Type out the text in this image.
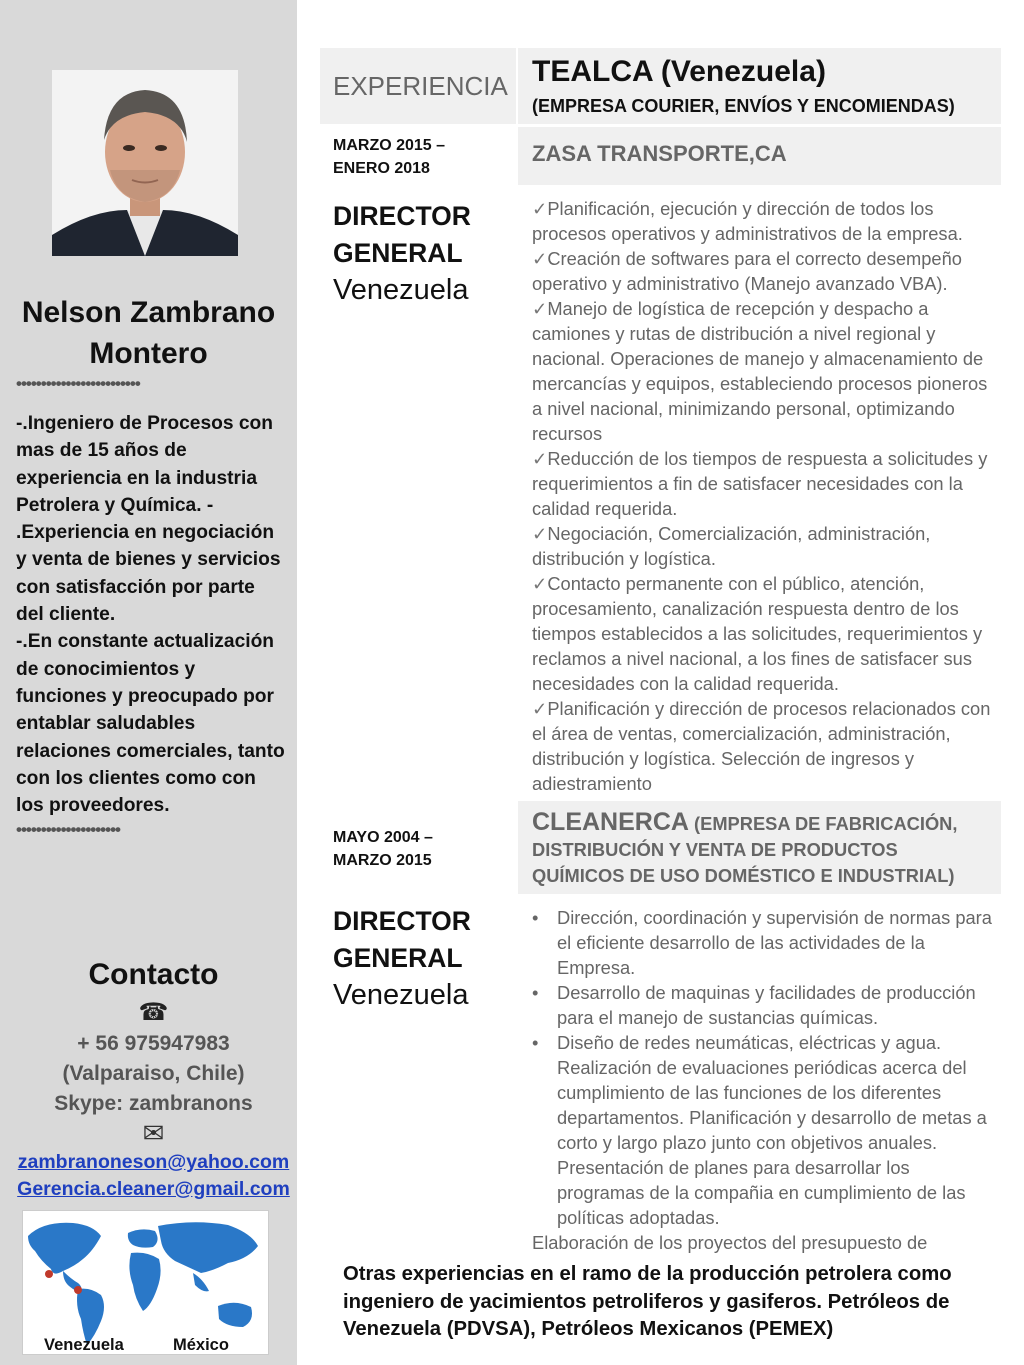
Nelson Zambrano
Montero
•••••••••••••••••••••••••

-.Ingeniero de Procesos con mas de 15 años de experiencia en la industria Petrolera y Química. - .Experiencia en negociación y venta de bienes y servicios con satisfacción por parte del cliente.

-.En constante actualización de conocimientos y funciones y preocupado por entablar saludables relaciones comerciales, tanto con los clientes como con los proveedores.

•••••••••••••••••••••
Contacto
☎
+ 56 975947983
(Valparaiso, Chile)
Skype: zambranons
✉
zambranoneson@yahoo.com
Gerencia.cleaner@gmail.com
Venezuela	México
EXPERIENCIA TEALCA (Venezuela)
(EMPRESA COURIER, ENVÍOS Y ENCOMIENDAS)
MARZO 2015 –
ENERO 2018
ZASA TRANSPORTE,CA
DIRECTOR
GENERAL
Venezuela

✓Planificación, ejecución y dirección de todos los procesos operativos y administrativos de la empresa.

✓Creación de softwares para el correcto desempeño operativo y administrativo (Manejo avanzado VBA).

✓Manejo de logística de recepción y despacho a camiones y rutas de distribución a nivel regional y nacional. Operaciones de manejo y almacenamiento de mercancías y equipos, estableciendo procesos pioneros a nivel nacional, minimizando personal, optimizando recursos

✓Reducción de los tiempos de respuesta a solicitudes y requerimientos a fin de satisfacer necesidades con la calidad requerida.

✓Negociación, Comercialización, administración, distribución y logística.

✓Contacto permanente con el público, atención, procesamiento, canalización respuesta dentro de los tiempos establecidos a las solicitudes, requerimientos y reclamos a nivel nacional, a los fines de satisfacer sus necesidades con la calidad requerida.

✓Planificación y dirección de procesos relacionados con el área de ventas, comercialización, administración, distribución y logística. Selección de ingresos y adiestramiento

MAYO 2004 –
MARZO 2015
CLEANERCA (EMPRESA DE FABRICACIÓN, DISTRIBUCIÓN Y VENTA DE PRODUCTOS QUÍMICOS DE USO DOMÉSTICO E INDUSTRIAL)
DIRECTOR
GENERAL
Venezuela
• Dirección, coordinación y supervisión de normas para el eficiente desarrollo de las actividades de la Empresa.
• Desarrollo de maquinas y facilidades de producción para el manejo de sustancias químicas.
• Diseño de redes neumáticas, eléctricas y agua. Realización de evaluaciones periódicas acerca del cumplimiento de las funciones de los diferentes departamentos. Planificación y desarrollo de metas a corto y largo plazo junto con objetivos anuales. Presentación de planes para desarrollar los programas de la compañia en cumplimiento de las políticas adoptadas.
Elaboración de los proyectos del presupuesto de
Otras experiencias en el ramo de la producción petrolera como ingeniero de yacimientos petroliferos y gasiferos. Petróleos de Venezuela (PDVSA), Petróleos Mexicanos (PEMEX)
